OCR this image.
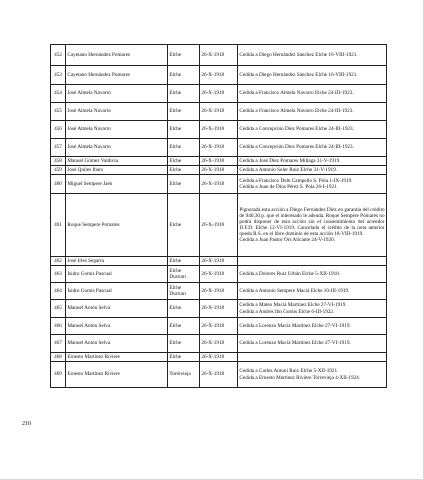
452	Cayetano Hernández Pomares	Elche	26-X-1918	Cedida a Diego Hernández Sánchez Elche 16-VIII-1921.

453	Cayetano Hernández Pomares	Elche	26-X-1918	Cedida a Diego Hernández Sánchez Elche 16-VIII-1921.

454	José Almela Navarro	Elche	26-X-1918	Cedida a Francisco Almela Navarro Elche 24-III-1923.

455	José Almela Navarro	Elche	26-X-1918	Cedida a Francisco Almela Navarro Elche 24-III-1923.

456	José Almela Navarro	Elche	26-X-1918	Cedida a Concepción Díez Pomares Elche 24-III-1923.

457	José Almela Navarro	Elche	26-X-1918	Cedida a Concepción Díez Pomares Elche 24-III-1923.

458	Manuel Gómez Valdivia	Elche	26-X-1918	Cedida a José Díez Pomares Millaga 31-V-1919.

459	José Quiles Ibars	Elche	26-X-1918	Cedida a Antonio Soler Ruiz Elche 31-V-1919.

460	Miguel Sempere Jaén	Elche	26-X-1918	Cedida a Francisco Deln Campello S. Pola 1-IX-1919.
Cedida a Juan de Dios Pérez S. Pola 26-I-1921.

461	Roque Sempere Pomares	Elche	26-X-1918	Pignorada esta acción a Diego Fernández Díez en garantía del crédito de 940,30 p. que el interesado le adeuda. Roque Sempere Pomares no podrá disponer de esta acción sin el consentimiento del acreedor D.F.D. Elche 12-VI-1919. Cancelado el crédito de la nota anterior queda R.S. en el libre dominio de esta acción 18-VIII-1919.
Cedida a Juan Pastor Ors Alicante 24-V-1920.

462	José Irles Segarra	Elche	26-X-1918	
463	Isidro Gomis Pascual	Elche Durrum	26-X-1918	Cedida a Dolores Ruiz Urbán Elche 5-XII-1918.

464	Isidro Gomis Pascual	Elche Durrum	26-X-1918	Cedida a Antonio Sempere Maciá Elche 10-III-1919.

465	Manuel Antón Selva	Elche	26-X-1918	Cedida a Mateo Maciá Martínez Elche 27-VI-1919.
Cedida a Andrés Ibn Gomis Elche 6-III-1922.

466	Manuel Antón Selva	Elche	26-X-1918	Cedida a Lorenzo Maciá Martínez Elche 27-VI-1919.

467	Manuel Antón Selva	Elche	26-X-1918	Cedida a Lorenzo Maciá Martínez Elche 27-VI-1919.

468	Ernesto Martínez Riviere	Elche	26-X-1918	
469	Ernesto Martínez Riviere	Torrevieja	26-X-1918	Cedida a Carlos Antoni Ruiz Elche 5-XII-1921.
Cedida a Ernesto Martínez Riviere Torrevieja 4-XII-1924.
210
